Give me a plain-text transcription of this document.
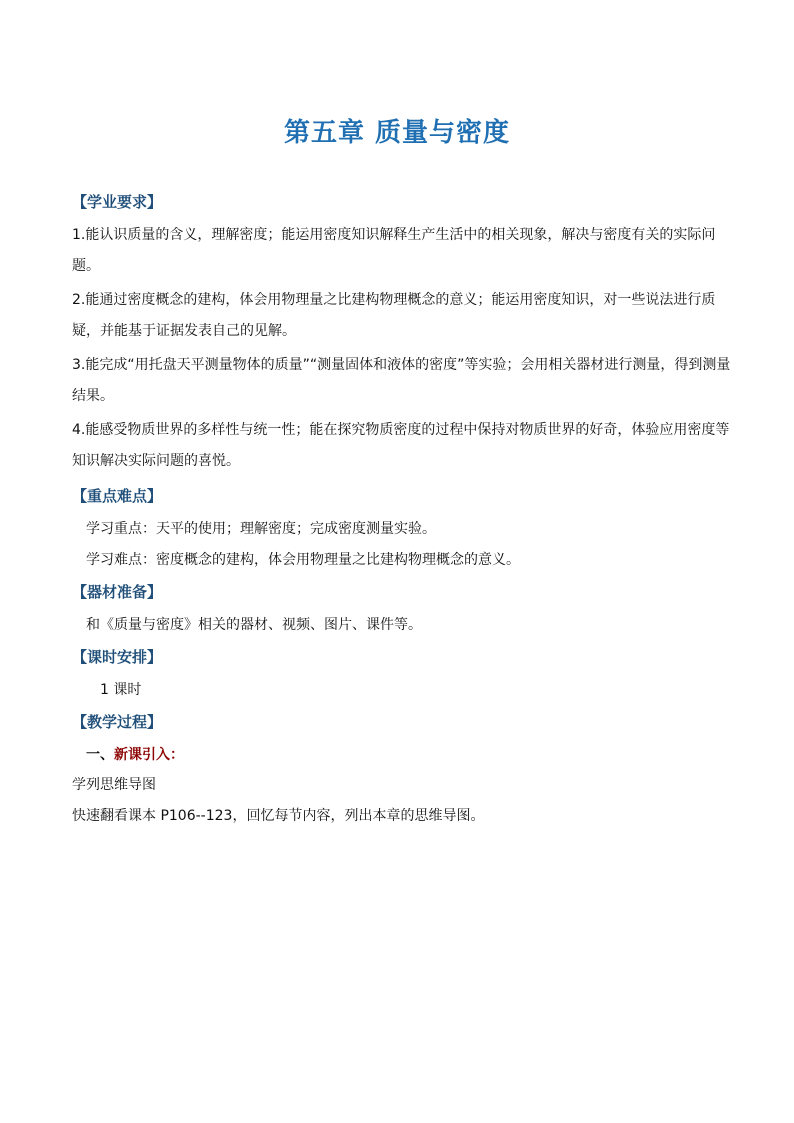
第五章 质量与密度
【学业要求】
1.能认识质量的含义，理解密度；能运用密度知识解释生产生活中的相关现象，解决与密度有关的实际问题。
2.能通过密度概念的建构，体会用物理量之比建构物理概念的意义；能运用密度知识，对一些说法进行质疑，并能基于证据发表自己的见解。
3.能完成“用托盘天平测量物体的质量”“测量固体和液体的密度”等实验；会用相关器材进行测量，得到测量结果。
4.能感受物质世界的多样性与统一性；能在探究物质密度的过程中保持对物质世界的好奇，体验应用密度等知识解决实际问题的喜悦。
【重点难点】
学习重点：天平的使用；理解密度；完成密度测量实验。
学习难点：密度概念的建构，体会用物理量之比建构物理概念的意义。
【器材准备】
和《质量与密度》相关的器材、视频、图片、课件等。
【课时安排】
1 课时
【教学过程】
一、新课引入：
学列思维导图
快速翻看课本 P106--123，回忆每节内容，列出本章的思维导图。
